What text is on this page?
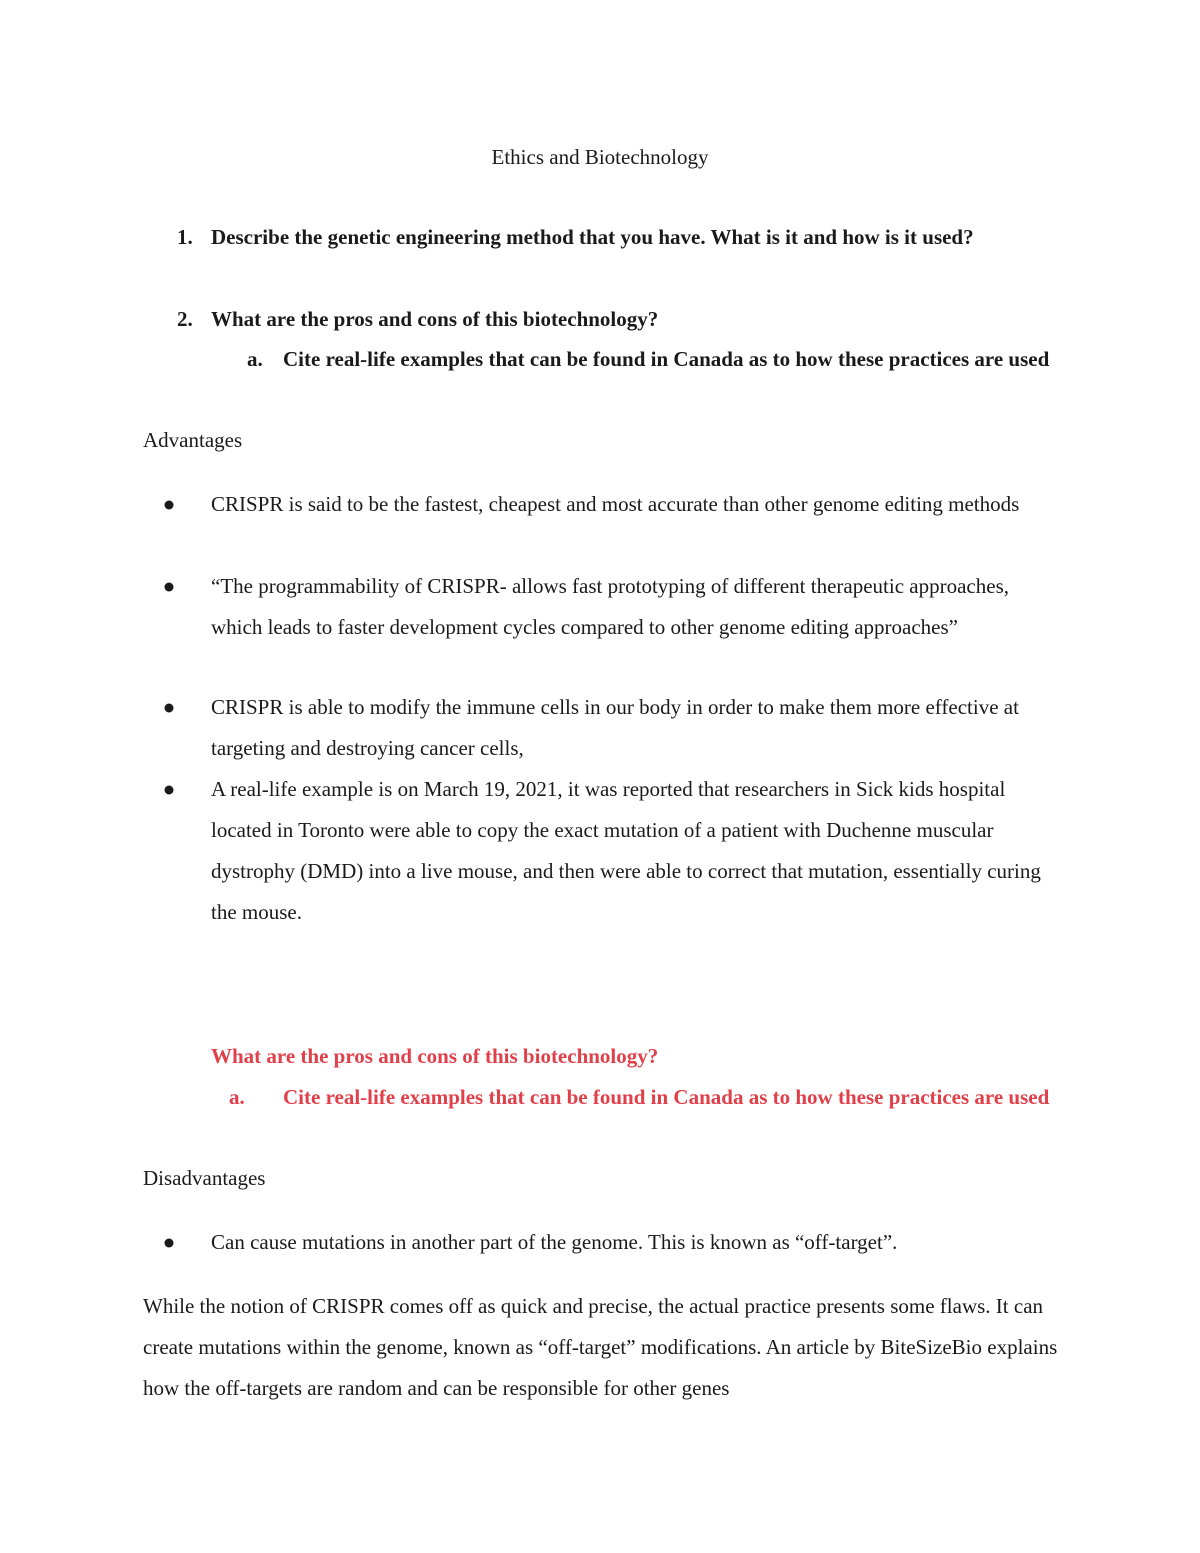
Ethics and Biotechnology
1. Describe the genetic engineering method that you have. What is it and how is it used?
2. What are the pros and cons of this biotechnology?
a. Cite real-life examples that can be found in Canada as to how these practices are used
Advantages
CRISPR is said to be the fastest, cheapest and most accurate than other genome editing methods
“The programmability of CRISPR- allows fast prototyping of different therapeutic approaches, which leads to faster development cycles compared to other genome editing approaches”
CRISPR is able to modify the immune cells in our body in order to make them more effective at targeting and destroying cancer cells,
A real-life example is on March 19, 2021, it was reported that researchers in Sick kids hospital located in Toronto were able to copy the exact mutation of a patient with Duchenne muscular dystrophy (DMD) into a live mouse, and then were able to correct that mutation, essentially curing the mouse.
What are the pros and cons of this biotechnology?
a. Cite real-life examples that can be found in Canada as to how these practices are used
Disadvantages
Can cause mutations in another part of the genome. This is known as “off-target”.
While the notion of CRISPR comes off as quick and precise, the actual practice presents some flaws. It can create mutations within the genome, known as “off-target” modifications. An article by BiteSizeBio explains how the off-targets are random and can be responsible for other genes
